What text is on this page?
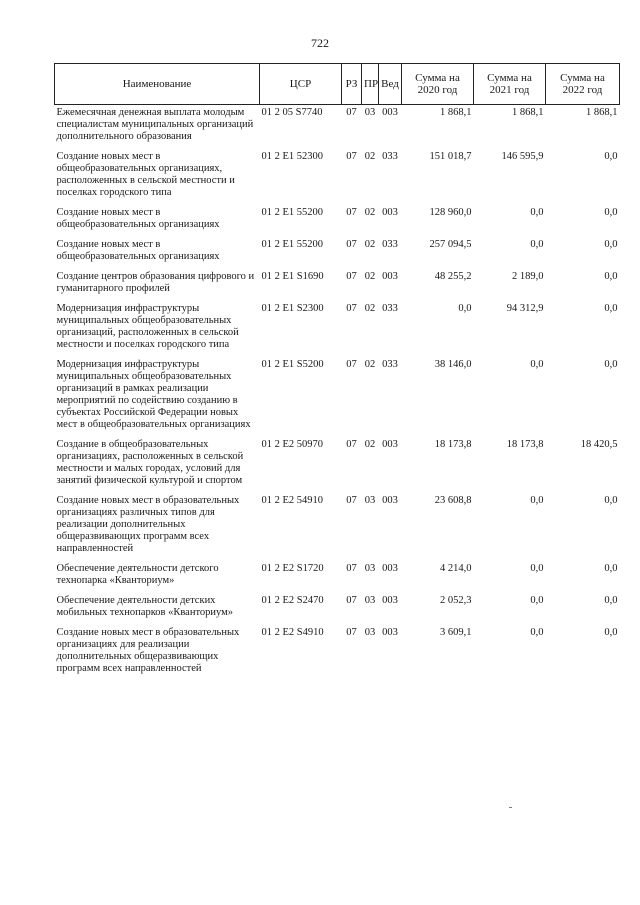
722
Наименование	ЦСР	РЗ	ПР	Вед	Сумма на 2020 год	Сумма на 2021 год	Сумма на 2022 год
Ежемесячная денежная выплата молодым специалистам муниципальных организаций дополнительного образования	01 2 05 S7740	07	03	003	1 868,1	1 868,1	1 868,1
Создание новых мест в общеобразовательных организациях, расположенных в сельской местности и поселках городского типа	01 2 E1 52300	07	02	033	151 018,7	146 595,9	0,0
Создание новых мест в общеобразовательных организациях	01 2 E1 55200	07	02	003	128 960,0	0,0	0,0
Создание новых мест в общеобразовательных организациях	01 2 E1 55200	07	02	033	257 094,5	0,0	0,0
Создание центров образования цифрового и гуманитарного профилей	01 2 E1 S1690	07	02	003	48 255,2	2 189,0	0,0
Модернизация инфраструктуры муниципальных общеобразовательных организаций, расположенных в сельской местности и поселках городского типа	01 2 E1 S2300	07	02	033	0,0	94 312,9	0,0
Модернизация инфраструктуры муниципальных общеобразовательных организаций в рамках реализации мероприятий по содействию созданию в субъектах Российской Федерации новых мест в общеобразовательных организациях	01 2 E1 S5200	07	02	033	38 146,0	0,0	0,0
Создание в общеобразовательных организациях, расположенных в сельской местности и малых городах, условий для занятий физической культурой и спортом	01 2 E2 50970	07	02	003	18 173,8	18 173,8	18 420,5
Создание новых мест в образовательных организациях различных типов для реализации дополнительных общеразвивающих программ всех направленностей	01 2 E2 54910	07	03	003	23 608,8	0,0	0,0
Обеспечение деятельности детского технопарка «Кванториум»	01 2 E2 S1720	07	03	003	4 214,0	0,0	0,0
Обеспечение деятельности детских мобильных технопарков «Кванториум»	01 2 E2 S2470	07	03	003	2 052,3	0,0	0,0
Создание новых мест в образовательных организациях для реализации дополнительных общеразвивающих программ всех направленностей	01 2 E2 S4910	07	03	003	3 609,1	0,0	0,0
